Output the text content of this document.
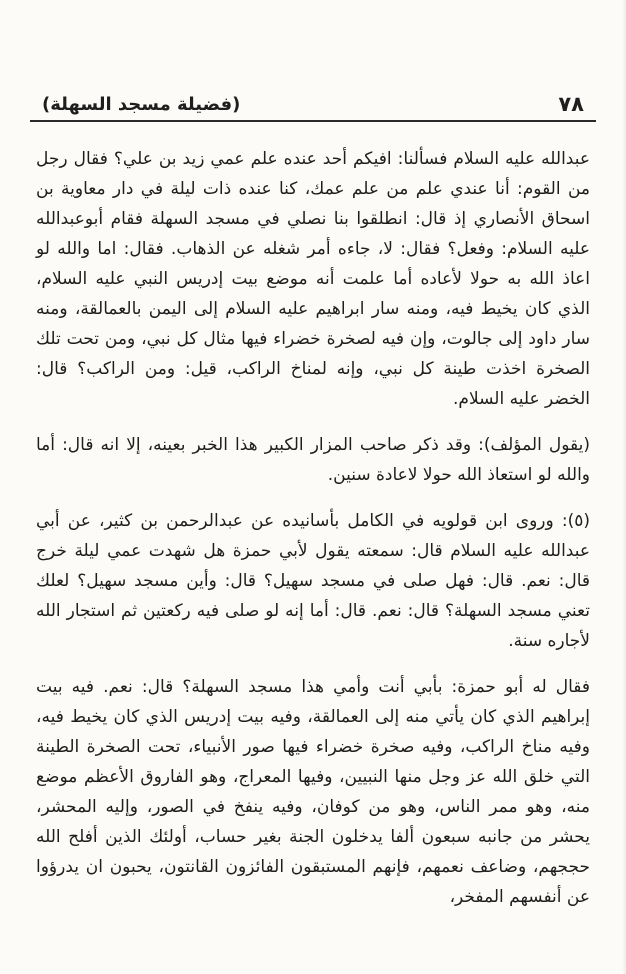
٧٨
(فضيلة مسجد السهلة)

عبدالله عليه السلام فسألنا: افيكم أحد عنده علم عمي زيد بن علي؟ فقال رجل من القوم: أنا عندي علم من علم عمك، كنا عنده ذات ليلة في دار معاوية بن اسحاق الأنصاري إذ قال: انطلقوا بنا نصلي في مسجد السهلة فقام أبوعبدالله عليه السلام: وفعل؟ فقال: لا، جاءه أمر شغله عن الذهاب. فقال: اما والله لو اعاذ الله به حولا لأعاده أما علمت أنه موضع بيت إدريس النبي عليه السلام، الذي كان يخيط فيه، ومنه سار ابراهيم عليه السلام إلى اليمن بالعمالقة، ومنه سار داود إلى جالوت، وإن فيه لصخرة خضراء فيها مثال كل نبي، ومن تحت تلك الصخرة اخذت طينة كل نبي، وإنه لمناخ الراكب، قيل: ومن الراكب؟ قال: الخضر عليه السلام.

(يقول المؤلف): وقد ذكر صاحب المزار الكبير هذا الخبر بعينه، إلا انه قال: أما والله لو استعاذ الله حولا لاعادة سنين.

(٥): وروى ابن قولويه في الكامل بأسانيده عن عبدالرحمن بن كثير، عن أبي عبدالله عليه السلام قال: سمعته يقول لأبي حمزة هل شهدت عمي ليلة خرج قال: نعم. قال: فهل صلى في مسجد سهيل؟ قال: وأين مسجد سهيل؟ لعلك تعني مسجد السهلة؟ قال: نعم. قال: أما إنه لو صلى فيه ركعتين ثم استجار الله لأجاره سنة.

فقال له أبو حمزة: بأبي أنت وأمي هذا مسجد السهلة؟ قال: نعم. فيه بيت إبراهيم الذي كان يأتي منه إلى العمالقة، وفيه بيت إدريس الذي كان يخيط فيه، وفيه مناخ الراكب، وفيه صخرة خضراء فيها صور الأنبياء، تحت الصخرة الطينة التي خلق الله عز وجل منها النبيين، وفيها المعراج، وهو الفاروق الأعظم موضع منه، وهو ممر الناس، وهو من كوفان، وفيه ينفخ في الصور، وإليه المحشر، يحشر من جانبه سبعون ألفا يدخلون الجنة بغير حساب، أولئك الذين أفلح الله حججهم، وضاعف نعمهم، فإنهم المستبقون الفائزون القانتون، يحبون ان يدرؤوا عن أنفسهم المفخر،
